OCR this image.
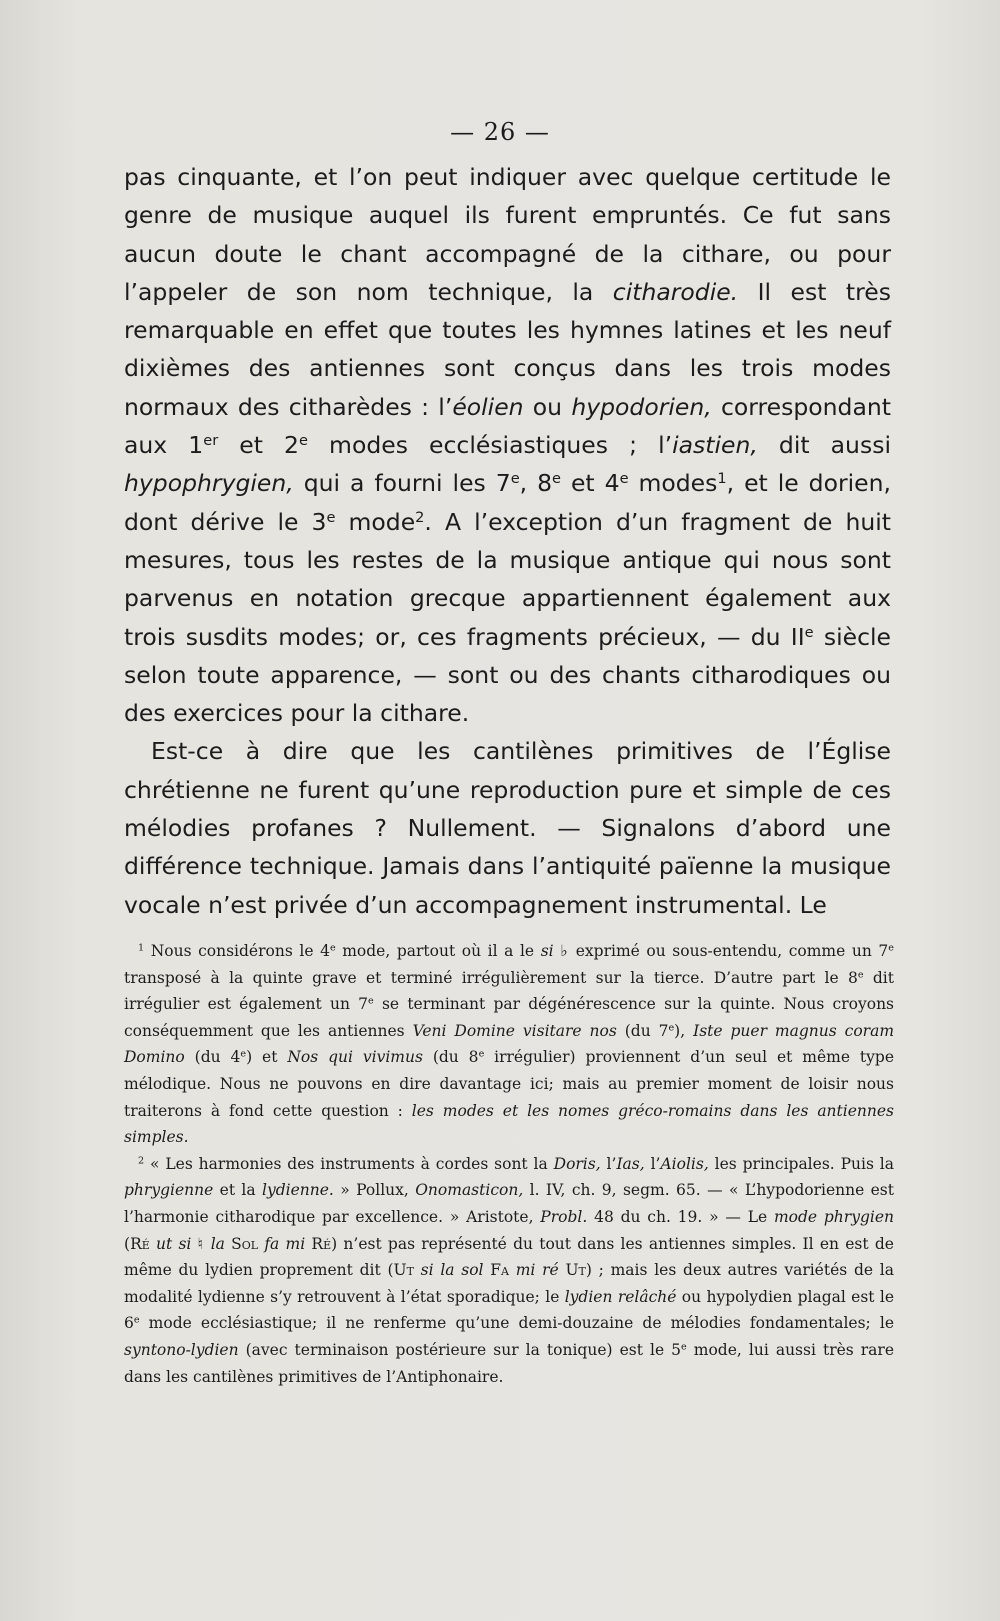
— 26 —

pas cinquante, et l’on peut indiquer avec quelque certitude le genre de musique auquel ils furent empruntés. Ce fut sans aucun doute le chant accompagné de la cithare, ou pour l’appeler de son nom technique, la citharodie. Il est très remarquable en effet que toutes les hymnes latines et les neuf dixièmes des antiennes sont conçus dans les trois modes normaux des citharèdes : l’éolien ou hypodorien, correspondant aux 1er et 2e modes ecclésiastiques ; l’iastien, dit aussi hypophrygien, qui a fourni les 7e, 8e et 4e modes$^1$, et le dorien, dont dérive le 3e mode$^2$. A l’exception d’un fragment de huit mesures, tous les restes de la musique antique qui nous sont parvenus en notation grecque appartiennent également aux trois susdits modes; or, ces fragments précieux, — du IIe siècle selon toute apparence, — sont ou des chants citharodiques ou des exercices pour la cithare.

Est-ce à dire que les cantilènes primitives de l’Église chrétienne ne furent qu’une reproduction pure et simple de ces mélodies profanes ? Nullement. — Signalons d’abord une différence technique. Jamais dans l’antiquité païenne la musique vocale n’est privée d’un accompagnement instrumental. Le

$^1$ Nous considérons le 4e mode, partout où il a le si ♭ exprimé ou sous-entendu, comme un 7e transposé à la quinte grave et terminé irrégulièrement sur la tierce. D’autre part le 8e dit irrégulier est également un 7e se terminant par dégénérescence sur la quinte. Nous croyons conséquemment que les antiennes Veni Domine visitare nos (du 7e), Iste puer magnus coram Domino (du 4e) et Nos qui vivimus (du 8e irrégulier) proviennent d’un seul et même type mélodique. Nous ne pouvons en dire davantage ici; mais au premier moment de loisir nous traiterons à fond cette question : les modes et les nomes gréco-romains dans les antiennes simples.

$^2$ « Les harmonies des instruments à cordes sont la Doris, l’Ias, l’Aiolis, les principales. Puis la phrygienne et la lydienne. » Pollux, Onomasticon, l. IV, ch. 9, segm. 65. — « L’hypodorienne est l’harmonie citharodique par excellence. » Aristote, Probl. 48 du ch. 19. » — Le mode phrygien (Ré ut si ♮ la Sol fa mi Ré) n’est pas représenté du tout dans les antiennes simples. Il en est de même du lydien proprement dit (Ut si la sol Fa mi ré Ut) ; mais les deux autres variétés de la modalité lydienne s’y retrouvent à l’état sporadique; le lydien relâché ou hypolydien plagal est le 6e mode ecclésiastique; il ne renferme qu’une demi-douzaine de mélodies fondamentales; le syntono-lydien (avec terminaison postérieure sur la tonique) est le 5e mode, lui aussi très rare dans les cantilènes primitives de l’Antiphonaire.
